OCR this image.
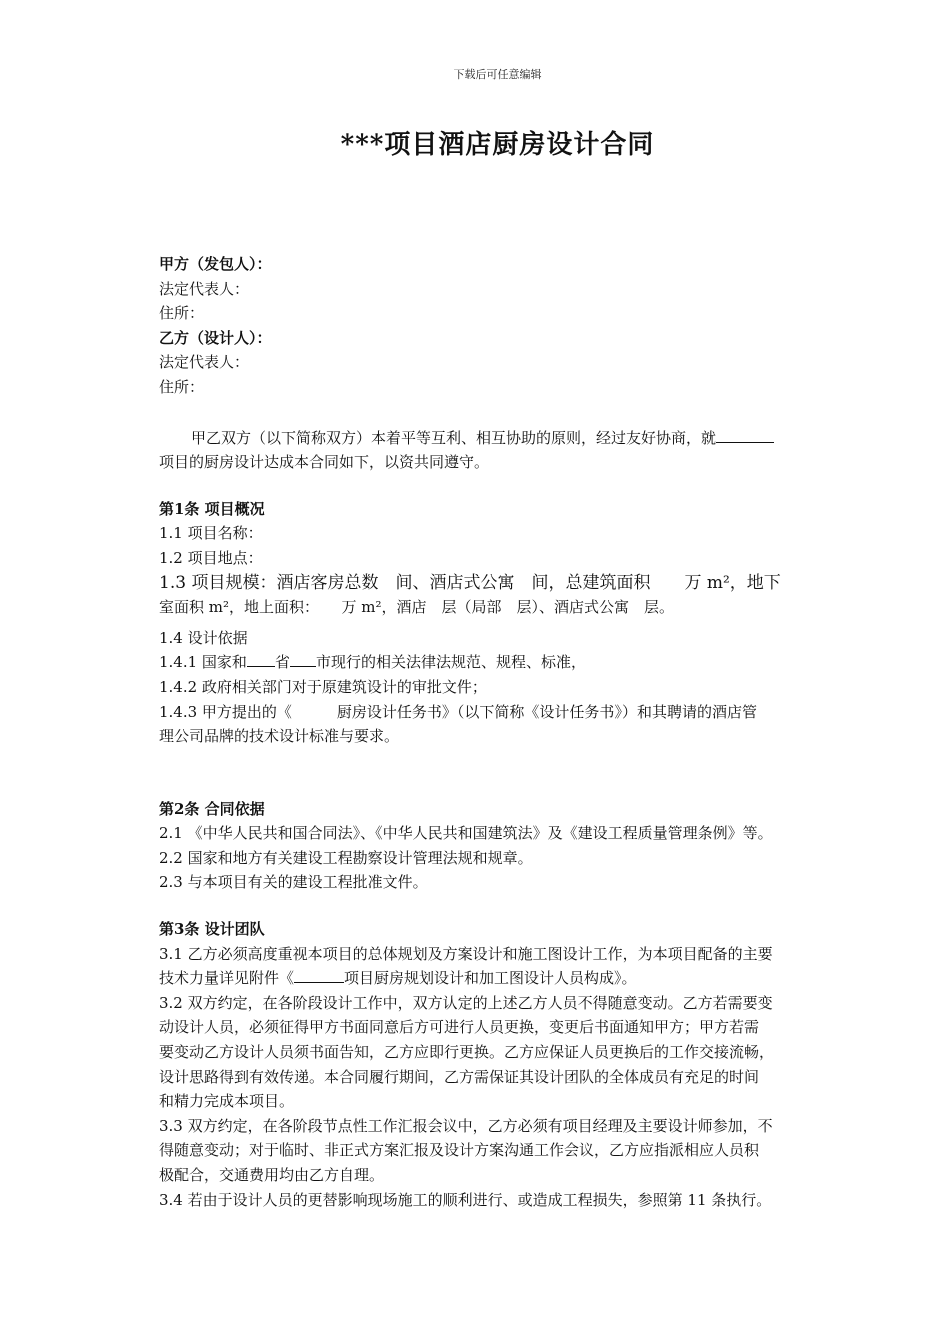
下载后可任意编辑
***项目酒店厨房设计合同
甲方（发包人）：
法定代表人：
住所：
乙方（设计人）：
法定代表人：
住所：
甲乙双方（以下简称双方）本着平等互利、相互协助的原则，经过友好协商，就
项目的厨房设计达成本合同如下，以资共同遵守。
第1条 项目概况
1.1 项目名称：
1.2 项目地点：
1.3 项目规模：酒店客房总数　间、酒店式公寓　间，总建筑面积　　万 m²，地下
室面积 m²，地上面积：　　万 m²，酒店　层（局部　层）、酒店式公寓　层。
1.4 设计依据
1.4.1 国家和 省 市现行的相关法律法规范、规程、标准，
1.4.2 政府相关部门对于原建筑设计的审批文件；
1.4.3 甲方提出的《　　　厨房设计任务书》（以下简称《设计任务书》）和其聘请的酒店管
理公司品牌的技术设计标准与要求。
第2条 合同依据
2.1 《中华人民共和国合同法》、《中华人民共和国建筑法》及《建设工程质量管理条例》等。
2.2 国家和地方有关建设工程勘察设计管理法规和规章。
2.3 与本项目有关的建设工程批准文件。
第3条 设计团队
3.1 乙方必须高度重视本项目的总体规划及方案设计和施工图设计工作，为本项目配备的主要
技术力量详见附件《	项目厨房规划设计和加工图设计人员构成》。
3.2 双方约定，在各阶段设计工作中，双方认定的上述乙方人员不得随意变动。乙方若需要变
动设计人员，必须征得甲方书面同意后方可进行人员更换，变更后书面通知甲方；甲方若需
要变动乙方设计人员须书面告知，乙方应即行更换。乙方应保证人员更换后的工作交接流畅，
设计思路得到有效传递。本合同履行期间，乙方需保证其设计团队的全体成员有充足的时间
和精力完成本项目。
3.3 双方约定，在各阶段节点性工作汇报会议中，乙方必须有项目经理及主要设计师参加，不
得随意变动；对于临时、非正式方案汇报及设计方案沟通工作会议，乙方应指派相应人员积
极配合，交通费用均由乙方自理。
3.4 若由于设计人员的更替影响现场施工的顺利进行、或造成工程损失，参照第 11 条执行。
